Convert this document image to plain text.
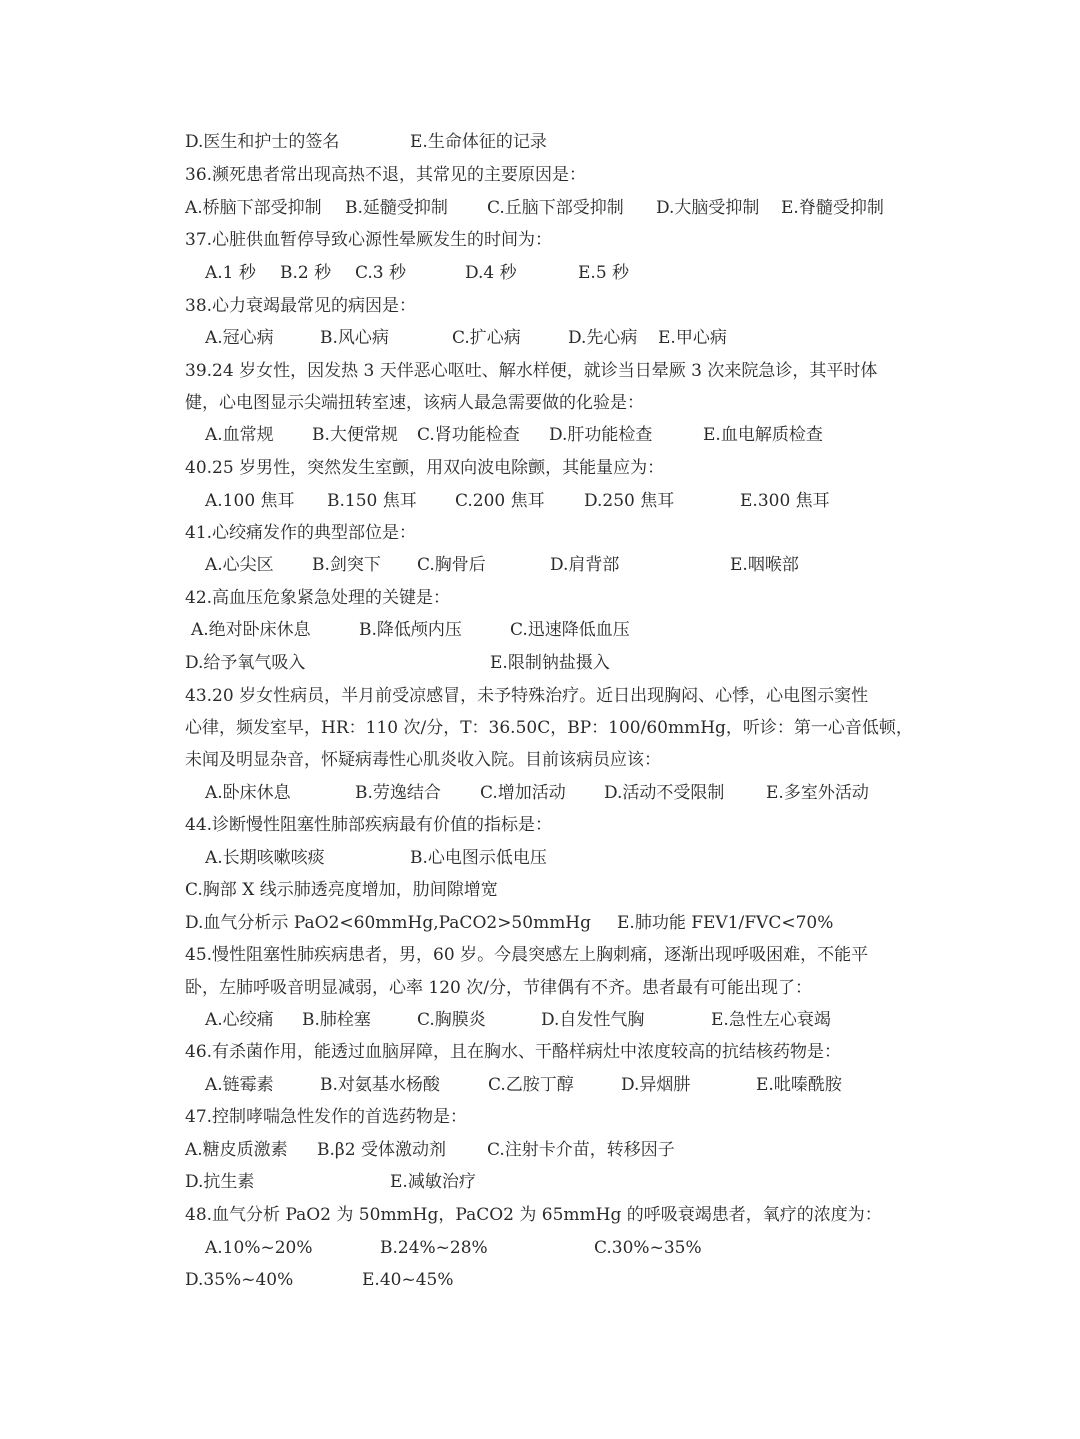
D.医生和护士的签名	E.生命体征的记录
36.濒死患者常出现高热不退，其常见的主要原因是：
A.桥脑下部受抑制 B.延髓受抑制 C.丘脑下部受抑制 D.大脑受抑制 E.脊髓受抑制
37.心脏供血暂停导致心源性晕厥发生的时间为：
A.1 秒 B.2 秒 C.3 秒	D.4 秒	E.5 秒
38.心力衰竭最常见的病因是：
A.冠心病	B.风心病	C.扩心病	D.先心病 E.甲心病
39.24 岁女性，因发热 3 天伴恶心呕吐、解水样便，就诊当日晕厥 3 次来院急诊，其平时体
健，心电图显示尖端扭转室速，该病人最急需要做的化验是：
A.血常规 B.大便常规 C.肾功能检查 D.肝功能检查	E.血电解质检查
40.25 岁男性，突然发生室颤，用双向波电除颤，其能量应为：
A.100 焦耳 B.150 焦耳 C.200 焦耳 D.250 焦耳	E.300 焦耳
41.心绞痛发作的典型部位是：
A.心尖区 B.剑突下 C.胸骨后	D.肩背部	E.咽喉部
42.高血压危象紧急处理的关键是：
A.绝对卧床休息	B.降低颅内压	C.迅速降低血压
D.给予氧气吸入	E.限制钠盐摄入
43.20 岁女性病员，半月前受凉感冒，未予特殊治疗。近日出现胸闷、心悸，心电图示窦性
心律，频发室早，HR：110 次/分，T：36.50C，BP：100/60mmHg，听诊：第一心音低顿，
未闻及明显杂音，怀疑病毒性心肌炎收入院。目前该病员应该：
A.卧床休息	B.劳逸结合 C.增加活动 D.活动不受限制 E.多室外活动
44.诊断慢性阻塞性肺部疾病最有价值的指标是：
A.长期咳嗽咳痰	B.心电图示低电压
C.胸部 X 线示肺透亮度增加，肋间隙增宽
D.血气分析示 PaO2<60mmHg,PaCO2>50mmHg E.肺功能 FEV1/FVC<70%
45.慢性阻塞性肺疾病患者，男，60 岁。今晨突感左上胸刺痛，逐渐出现呼吸困难，不能平
卧，左肺呼吸音明显减弱，心率 120 次/分，节律偶有不齐。患者最有可能出现了：
A.心绞痛 B.肺栓塞	C.胸膜炎	D.自发性气胸	E.急性左心衰竭
46.有杀菌作用，能透过血脑屏障，且在胸水、干酪样病灶中浓度较高的抗结核药物是：
A.链霉素	B.对氨基水杨酸	C.乙胺丁醇	D.异烟肼	E.吡嗪酰胺
47.控制哮喘急性发作的首选药物是：
A.糖皮质激素 B.β2 受体激动剂 C.注射卡介苗，转移因子
D.抗生素	E.减敏治疗
48.血气分析 PaO2 为 50mmHg，PaCO2 为 65mmHg 的呼吸衰竭患者，氧疗的浓度为：
A.10%~20%	B.24%~28%	C.30%~35%
D.35%~40%	E.40~45%
